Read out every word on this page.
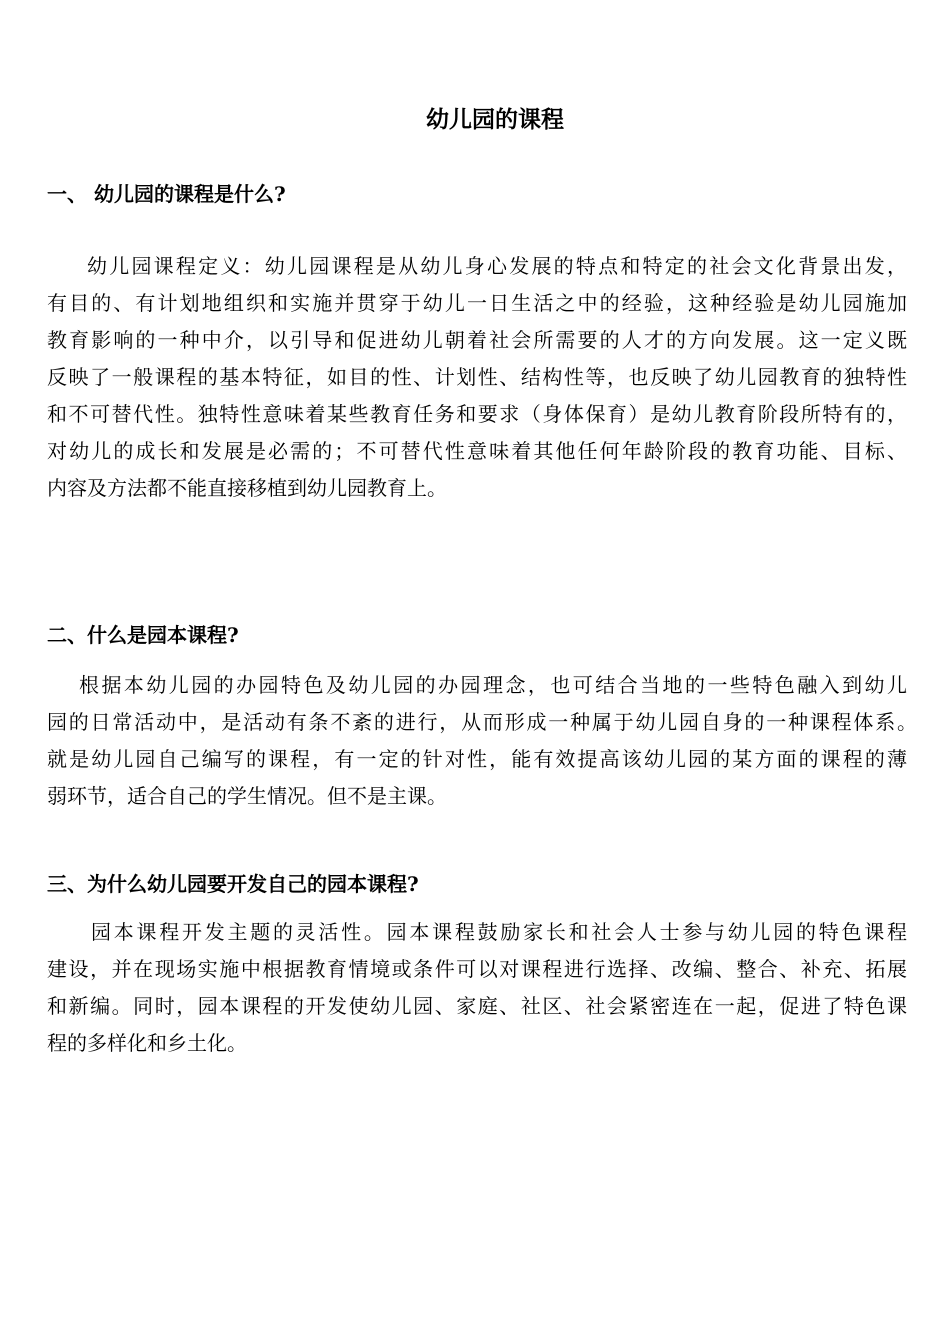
幼儿园的课程
一、 幼儿园的课程是什么?
幼儿园课程定义：幼儿园课程是从幼儿身心发展的特点和特定的社会文化背景出发，
有目的、有计划地组织和实施并贯穿于幼儿一日生活之中的经验，这种经验是幼儿园施加
教育影响的一种中介，以引导和促进幼儿朝着社会所需要的人才的方向发展。这一定义既
反映了一般课程的基本特征，如目的性、计划性、结构性等，也反映了幼儿园教育的独特性
和不可替代性。独特性意味着某些教育任务和要求（身体保育）是幼儿教育阶段所特有的，
对幼儿的成长和发展是必需的；不可替代性意味着其他任何年龄阶段的教育功能、目标、
内容及方法都不能直接移植到幼儿园教育上。
二、什么是园本课程?
根据本幼儿园的办园特色及幼儿园的办园理念，也可结合当地的一些特色融入到幼儿
园的日常活动中，是活动有条不紊的进行，从而形成一种属于幼儿园自身的一种课程体系。
就是幼儿园自己编写的课程，有一定的针对性，能有效提高该幼儿园的某方面的课程的薄
弱环节，适合自己的学生情况。但不是主课。
三、为什么幼儿园要开发自己的园本课程?
园本课程开发主题的灵活性。园本课程鼓励家长和社会人士参与幼儿园的特色课程
建设，并在现场实施中根据教育情境或条件可以对课程进行选择、改编、整合、补充、拓展
和新编。同时，园本课程的开发使幼儿园、家庭、社区、社会紧密连在一起，促进了特色课
程的多样化和乡土化。
